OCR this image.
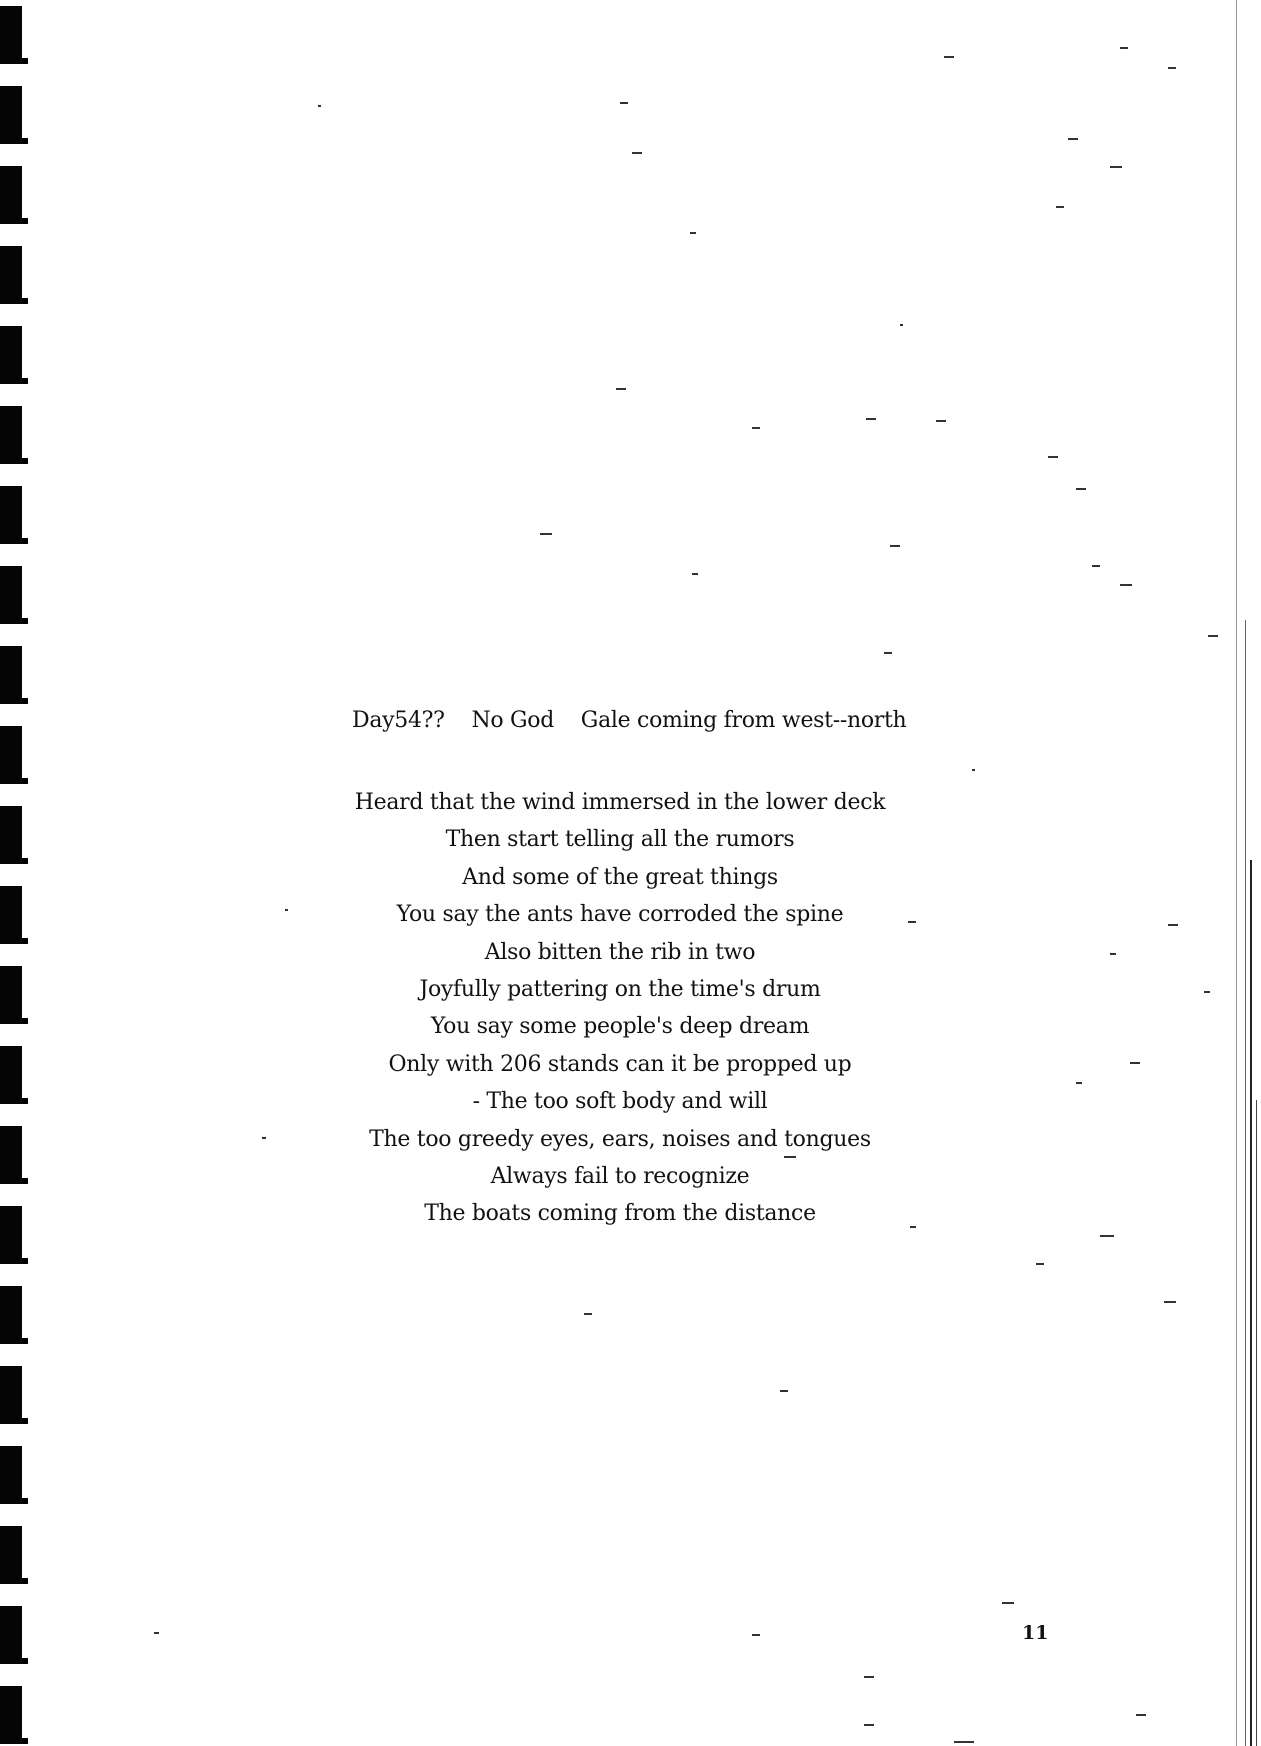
Day54??    No God    Gale coming from west--north

Heard that the wind immersed in the lower deck
Then start telling all the rumors
And some of the great things
You say the ants have corroded the spine
Also bitten the rib in two
Joyfully pattering on the time's drum
You say some people's deep dream
Only with 206 stands can it be propped up
- The too soft body and will
The too greedy eyes, ears, noises and tongues
Always fail to recognize
The boats coming from the distance

11
